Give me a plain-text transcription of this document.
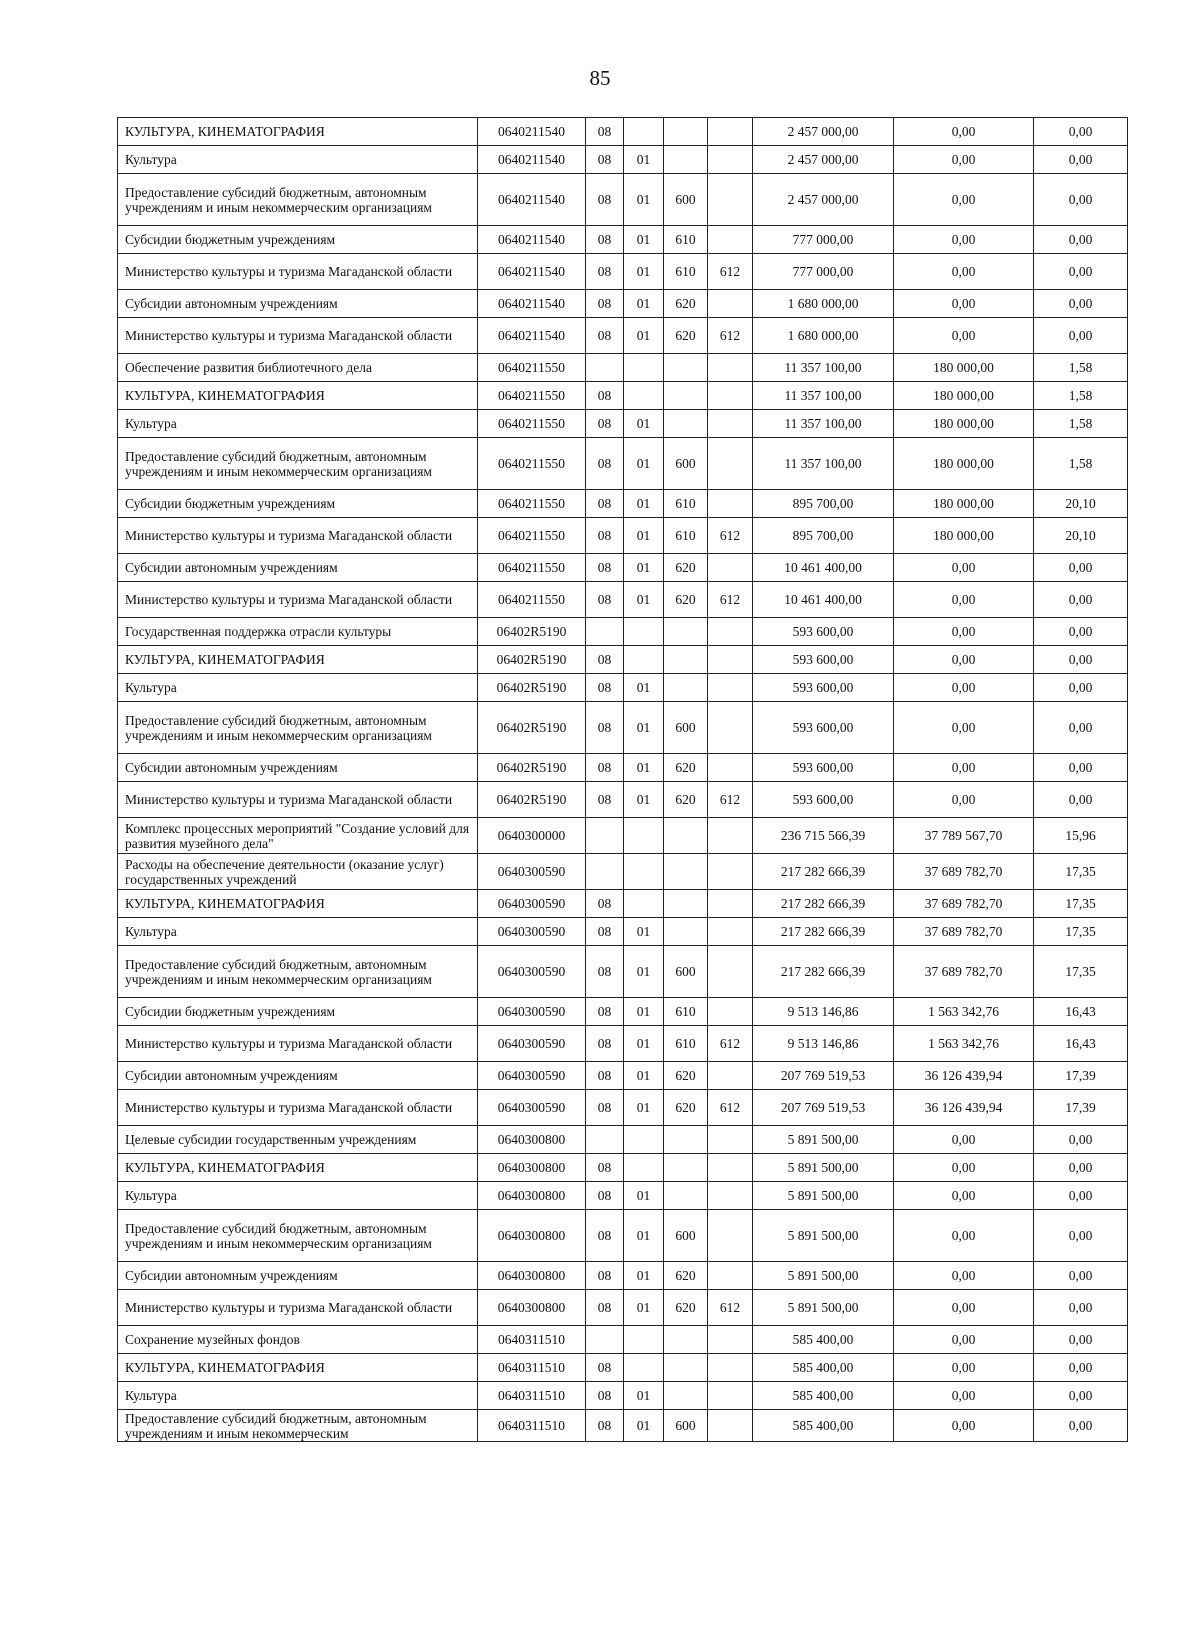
85
КУЛЬТУРА, КИНЕМАТОГРАФИЯ	0640211540	08				2 457 000,00	0,00	0,00
Культура	0640211540	08	01			2 457 000,00	0,00	0,00
Предоставление субсидий бюджетным, автономным учреждениям и иным некоммерческим организациям	0640211540	08	01	600		2 457 000,00	0,00	0,00
Субсидии бюджетным учреждениям	0640211540	08	01	610		777 000,00	0,00	0,00
Министерство культуры и туризма Магаданской области	0640211540	08	01	610	612	777 000,00	0,00	0,00
Субсидии автономным учреждениям	0640211540	08	01	620		1 680 000,00	0,00	0,00
Министерство культуры и туризма Магаданской области	0640211540	08	01	620	612	1 680 000,00	0,00	0,00
Обеспечение развития библиотечного дела	0640211550					11 357 100,00	180 000,00	1,58
КУЛЬТУРА, КИНЕМАТОГРАФИЯ	0640211550	08				11 357 100,00	180 000,00	1,58
Культура	0640211550	08	01			11 357 100,00	180 000,00	1,58
Предоставление субсидий бюджетным, автономным учреждениям и иным некоммерческим организациям	0640211550	08	01	600		11 357 100,00	180 000,00	1,58
Субсидии бюджетным учреждениям	0640211550	08	01	610		895 700,00	180 000,00	20,10
Министерство культуры и туризма Магаданской области	0640211550	08	01	610	612	895 700,00	180 000,00	20,10
Субсидии автономным учреждениям	0640211550	08	01	620		10 461 400,00	0,00	0,00
Министерство культуры и туризма Магаданской области	0640211550	08	01	620	612	10 461 400,00	0,00	0,00
Государственная поддержка отрасли культуры	06402R5190					593 600,00	0,00	0,00
КУЛЬТУРА, КИНЕМАТОГРАФИЯ	06402R5190	08				593 600,00	0,00	0,00
Культура	06402R5190	08	01			593 600,00	0,00	0,00
Предоставление субсидий бюджетным, автономным учреждениям и иным некоммерческим организациям	06402R5190	08	01	600		593 600,00	0,00	0,00
Субсидии автономным учреждениям	06402R5190	08	01	620		593 600,00	0,00	0,00
Министерство культуры и туризма Магаданской области	06402R5190	08	01	620	612	593 600,00	0,00	0,00
Комплекс процессных мероприятий "Создание условий для развития музейного дела"	0640300000					236 715 566,39	37 789 567,70	15,96
Расходы на обеспечение деятельности (оказание услуг) государственных учреждений	0640300590					217 282 666,39	37 689 782,70	17,35
КУЛЬТУРА, КИНЕМАТОГРАФИЯ	0640300590	08				217 282 666,39	37 689 782,70	17,35
Культура	0640300590	08	01			217 282 666,39	37 689 782,70	17,35
Предоставление субсидий бюджетным, автономным учреждениям и иным некоммерческим организациям	0640300590	08	01	600		217 282 666,39	37 689 782,70	17,35
Субсидии бюджетным учреждениям	0640300590	08	01	610		9 513 146,86	1 563 342,76	16,43
Министерство культуры и туризма Магаданской области	0640300590	08	01	610	612	9 513 146,86	1 563 342,76	16,43
Субсидии автономным учреждениям	0640300590	08	01	620		207 769 519,53	36 126 439,94	17,39
Министерство культуры и туризма Магаданской области	0640300590	08	01	620	612	207 769 519,53	36 126 439,94	17,39
Целевые субсидии государственным учреждениям	0640300800					5 891 500,00	0,00	0,00
КУЛЬТУРА, КИНЕМАТОГРАФИЯ	0640300800	08				5 891 500,00	0,00	0,00
Культура	0640300800	08	01			5 891 500,00	0,00	0,00
Предоставление субсидий бюджетным, автономным учреждениям и иным некоммерческим организациям	0640300800	08	01	600		5 891 500,00	0,00	0,00
Субсидии автономным учреждениям	0640300800	08	01	620		5 891 500,00	0,00	0,00
Министерство культуры и туризма Магаданской области	0640300800	08	01	620	612	5 891 500,00	0,00	0,00
Сохранение музейных фондов	0640311510					585 400,00	0,00	0,00
КУЛЬТУРА, КИНЕМАТОГРАФИЯ	0640311510	08				585 400,00	0,00	0,00
Культура	0640311510	08	01			585 400,00	0,00	0,00
Предоставление субсидий бюджетным, автономным учреждениям и иным некоммерческим	0640311510	08	01	600		585 400,00	0,00	0,00
